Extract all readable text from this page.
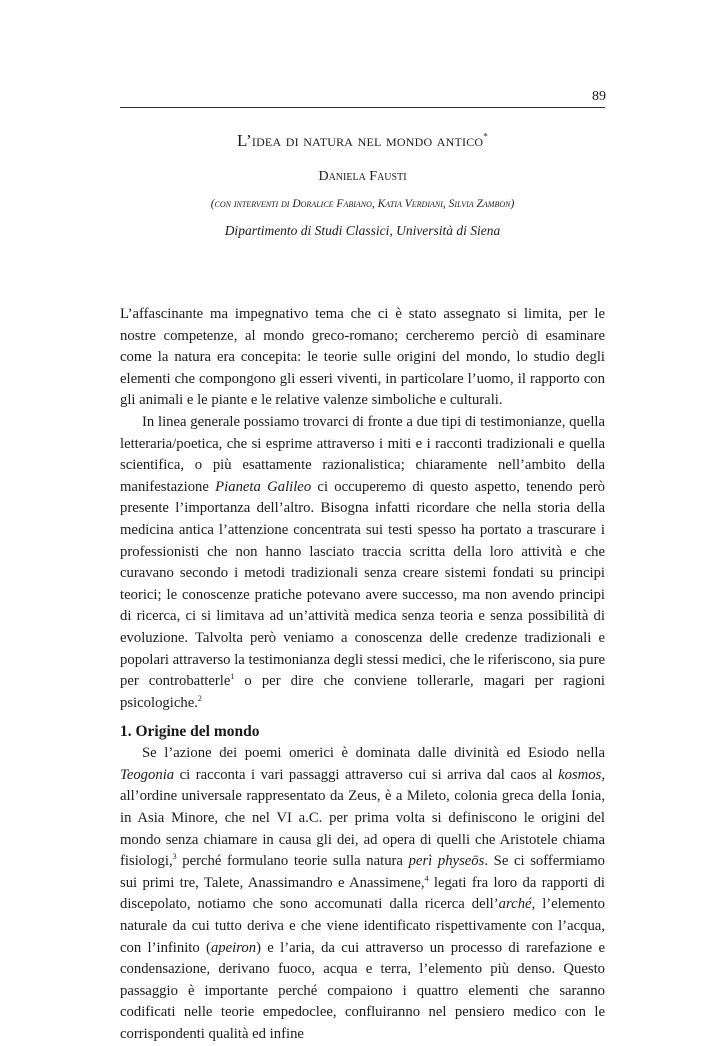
89
L’idea di natura nel mondo antico*
Daniela Fausti
(con interventi di Doralice Fabiano, Katia Verdiani, Silvia Zambon)
Dipartimento di Studi Classici, Università di Siena

L’affascinante ma impegnativo tema che ci è stato assegnato si limita, per le nostre competenze, al mondo greco-romano; cercheremo perciò di esaminare come la natura era concepita: le teorie sulle origini del mondo, lo studio degli elementi che compongono gli esseri viventi, in particolare l’uomo, il rapporto con gli animali e le piante e le relative valenze simboliche e culturali.

In linea generale possiamo trovarci di fronte a due tipi di testimonianze, quella letteraria/poetica, che si esprime attraverso i miti e i racconti tradizionali e quella scientifica, o più esattamente razionalistica; chiaramente nell’ambito della manifestazione Pianeta Galileo ci occuperemo di questo aspetto, tenendo però presente l’importanza dell’altro. Bisogna infatti ricordare che nella storia della medicina antica l’attenzione concentrata sui testi spesso ha portato a trascurare i professionisti che non hanno lasciato traccia scritta della loro attività e che curavano secondo i metodi tradizionali senza creare sistemi fondati su principi teorici; le conoscenze pratiche potevano avere successo, ma non avendo principi di ricerca, ci si limitava ad un’attività medica senza teoria e senza possibilità di evoluzione. Talvolta però veniamo a conoscenza delle credenze tradizionali e popolari attraverso la testimonianza degli stessi medici, che le riferiscono, sia pure per controbatterle$^1$ o per dire che conviene tollerarle, magari per ragioni psicologiche.$^2$

1. Origine del mondo

Se l’azione dei poemi omerici è dominata dalle divinità ed Esiodo nella Teogonia ci racconta i vari passaggi attraverso cui si arriva dal caos al kosmos, all’ordine universale rappresentato da Zeus, è a Mileto, colonia greca della Ionia, in Asia Minore, che nel VI a.C. per prima volta si definiscono le origini del mondo senza chiamare in causa gli dei, ad opera di quelli che Aristotele chiama fisiologi,$^3$ perché formulano teorie sulla natura perì physeōs. Se ci soffermiamo sui primi tre, Talete, Anassimandro e Anassimene,$^4$ legati fra loro da rapporti di discepolato, notiamo che sono accomunati dalla ricerca dell’arché, l’elemento naturale da cui tutto deriva e che viene identificato rispettivamente con l’acqua, con l’infinito (apeiron) e l’aria, da cui attraverso un processo di rarefazione e condensazione, derivano fuoco, acqua e terra, l’elemento più denso. Questo passaggio è importante perché compaiono i quattro elementi che saranno codificati nelle teorie empedoclee, confluiranno nel pensiero medico con le corrispondenti qualità ed infine
